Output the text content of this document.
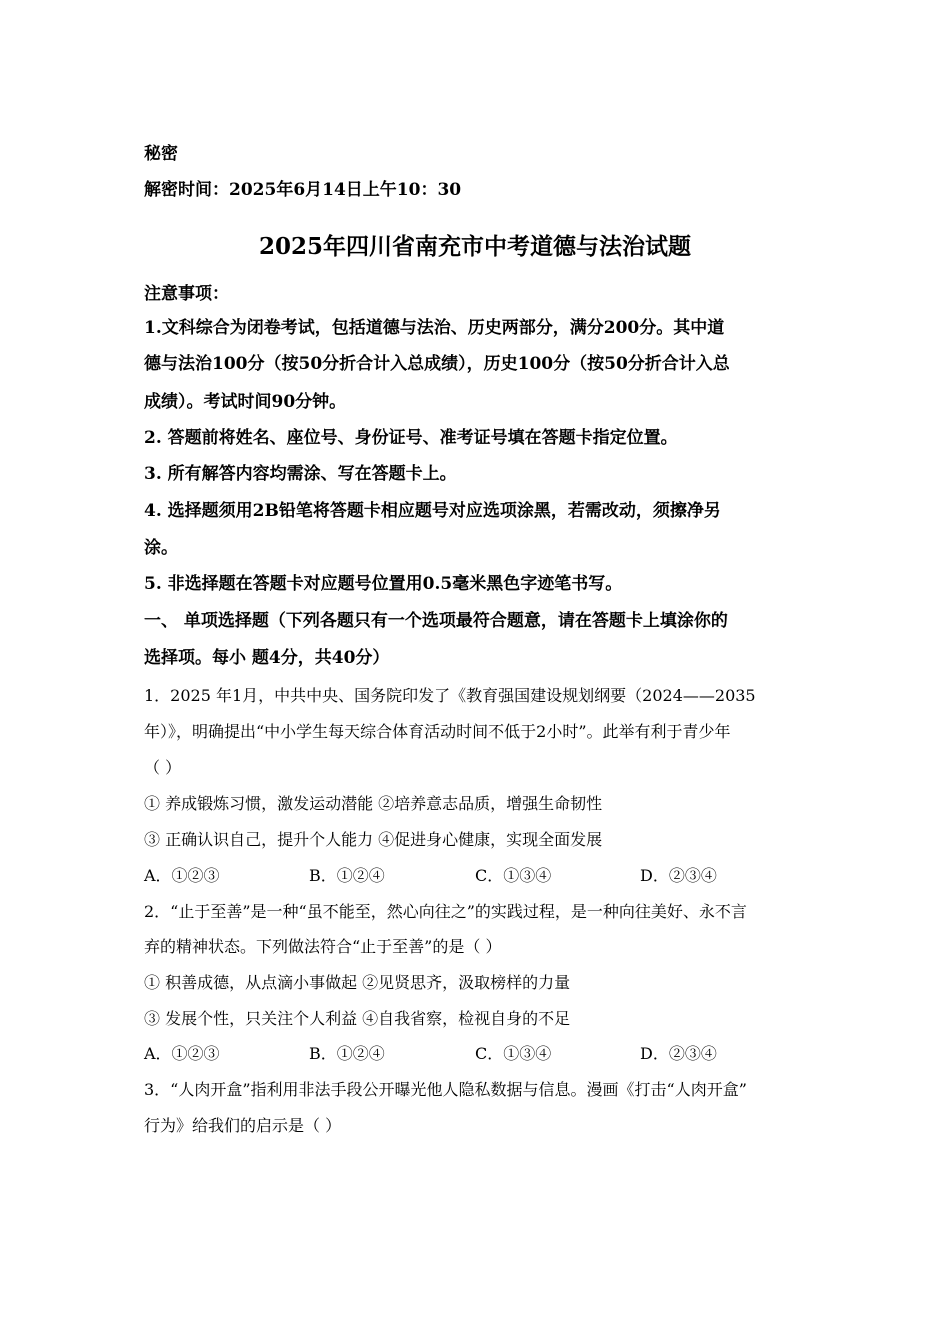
秘密
解密时间：2025年6月14日上午10：30
2025年四川省南充市中考道德与法治试题
注意事项：
1.文科综合为闭卷考试，包括道德与法治、历史两部分，满分200分。其中道
德与法治100分（按50分折合计入总成绩），历史100分（按50分折合计入总
成绩）。考试时间90分钟。
2. 答题前将姓名、座位号、身份证号、准考证号填在答题卡指定位置。
3. 所有解答内容均需涂、写在答题卡上。
4. 选择题须用2B铅笔将答题卡相应题号对应选项涂黑，若需改动，须擦净另
涂。
5. 非选择题在答题卡对应题号位置用0.5毫米黑色字迹笔书写。
一、 单项选择题（下列各题只有一个选项最符合题意，请在答题卡上填涂你的
选择项。每小 题4分，共40分）
1．2025 年1月，中共中央、国务院印发了《教育强国建设规划纲要（2024——2035
年）》，明确提出“中小学生每天综合体育活动时间不低于2小时”。此举有利于青少年
（ ）
① 养成锻炼习惯，激发运动潜能 ②培养意志品质，增强生命韧性
③ 正确认识自己，提升个人能力 ④促进身心健康，实现全面发展
A．①②③	B．①②④	C．①③④	D．②③④
2．“止于至善”是一种“虽不能至，然心向往之”的实践过程，是一种向往美好、永不言
弃的精神状态。下列做法符合“止于至善”的是（ ）
① 积善成德，从点滴小事做起 ②见贤思齐，汲取榜样的力量
③ 发展个性，只关注个人利益 ④自我省察，检视自身的不足
A．①②③	B．①②④	C．①③④	D．②③④
3．“人肉开盒”指利用非法手段公开曝光他人隐私数据与信息。漫画《打击“人肉开盒”
行为》给我们的启示是（ ）
